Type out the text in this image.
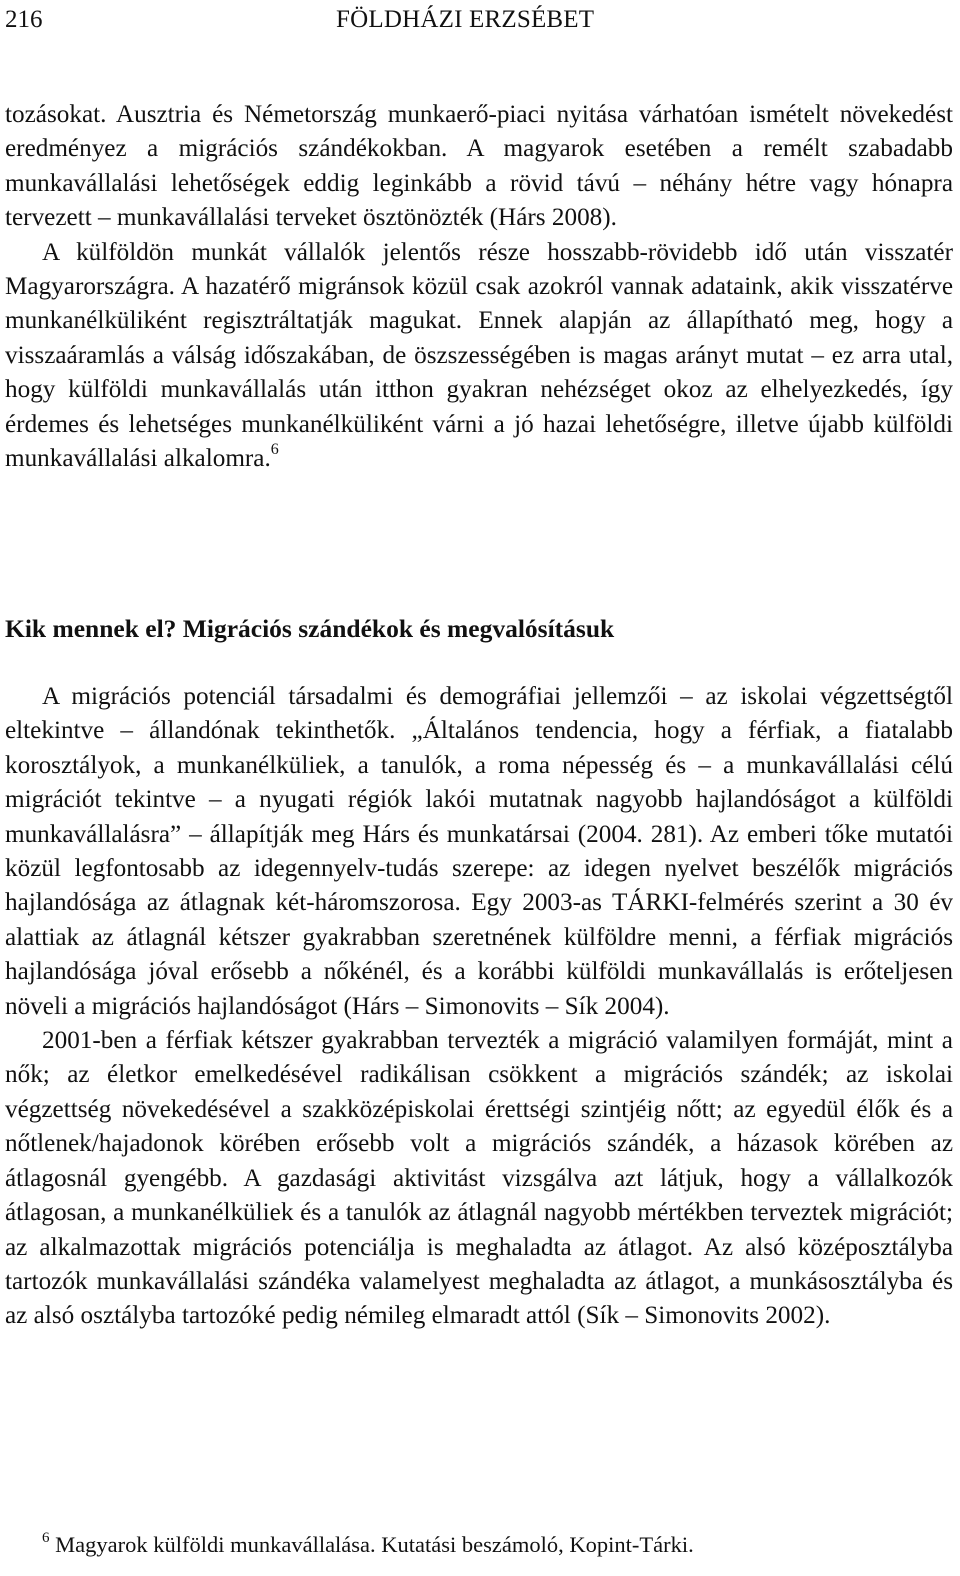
216	FÖLDHÁZI ERZSÉBET

tozásokat. Ausztria és Németország munkaerő-piaci nyitása várhatóan ismételt növekedést eredményez a migrációs szándékokban. A magyarok esetében a remélt szabadabb munkavállalási lehetőségek eddig leginkább a rövid távú – néhány hétre vagy hónapra tervezett – munkavállalási terveket ösztönözték (Hárs 2008).

A külföldön munkát vállalók jelentős része hosszabb-rövidebb idő után visszatér Magyarországra. A hazatérő migránsok közül csak azokról vannak adataink, akik visszatérve munkanélküliként regisztráltatják magukat. Ennek alapján az állapítható meg, hogy a visszaáramlás a válság időszakában, de öszszességében is magas arányt mutat – ez arra utal, hogy külföldi munkavállalás után itthon gyakran nehézséget okoz az elhelyezkedés, így érdemes és lehetséges munkanélküliként várni a jó hazai lehetőségre, illetve újabb külföldi munkavállalási alkalomra.$^6$

Kik mennek el? Migrációs szándékok és megvalósításuk

A migrációs potenciál társadalmi és demográfiai jellemzői – az iskolai végzettségtől eltekintve – állandónak tekinthetők. „Általános tendencia, hogy a férfiak, a fiatalabb korosztályok, a munkanélküliek, a tanulók, a roma népesség és – a munkavállalási célú migrációt tekintve – a nyugati régiók lakói mutatnak nagyobb hajlandóságot a külföldi munkavállalásra” – állapítják meg Hárs és munkatársai (2004. 281). Az emberi tőke mutatói közül legfontosabb az idegennyelv-tudás szerepe: az idegen nyelvet beszélők migrációs hajlandósága az átlagnak két-háromszorosa. Egy 2003-as TÁRKI-felmérés szerint a 30 év alattiak az átlagnál kétszer gyakrabban szeretnének külföldre menni, a férfiak migrációs hajlandósága jóval erősebb a nőkénél, és a korábbi külföldi munkavállalás is erőteljesen növeli a migrációs hajlandóságot (Hárs – Simonovits – Sík 2004).

2001-ben a férfiak kétszer gyakrabban tervezték a migráció valamilyen formáját, mint a nők; az életkor emelkedésével radikálisan csökkent a migrációs szándék; az iskolai végzettség növekedésével a szakközépiskolai érettségi szintjéig nőtt; az egyedül élők és a nőtlenek/hajadonok körében erősebb volt a migrációs szándék, a házasok körében az átlagosnál gyengébb. A gazdasági aktivitást vizsgálva azt látjuk, hogy a vállalkozók átlagosan, a munkanélküliek és a tanulók az átlagnál nagyobb mértékben terveztek migrációt; az alkalmazottak migrációs potenciálja is meghaladta az átlagot. Az alsó középosztályba tartozók munkavállalási szándéka valamelyest meghaladta az átlagot, a munkásosztályba és az alsó osztályba tartozóké pedig némileg elmaradt attól (Sík – Simonovits 2002).

$^6$ Magyarok külföldi munkavállalása. Kutatási beszámoló, Kopint-Tárki.
